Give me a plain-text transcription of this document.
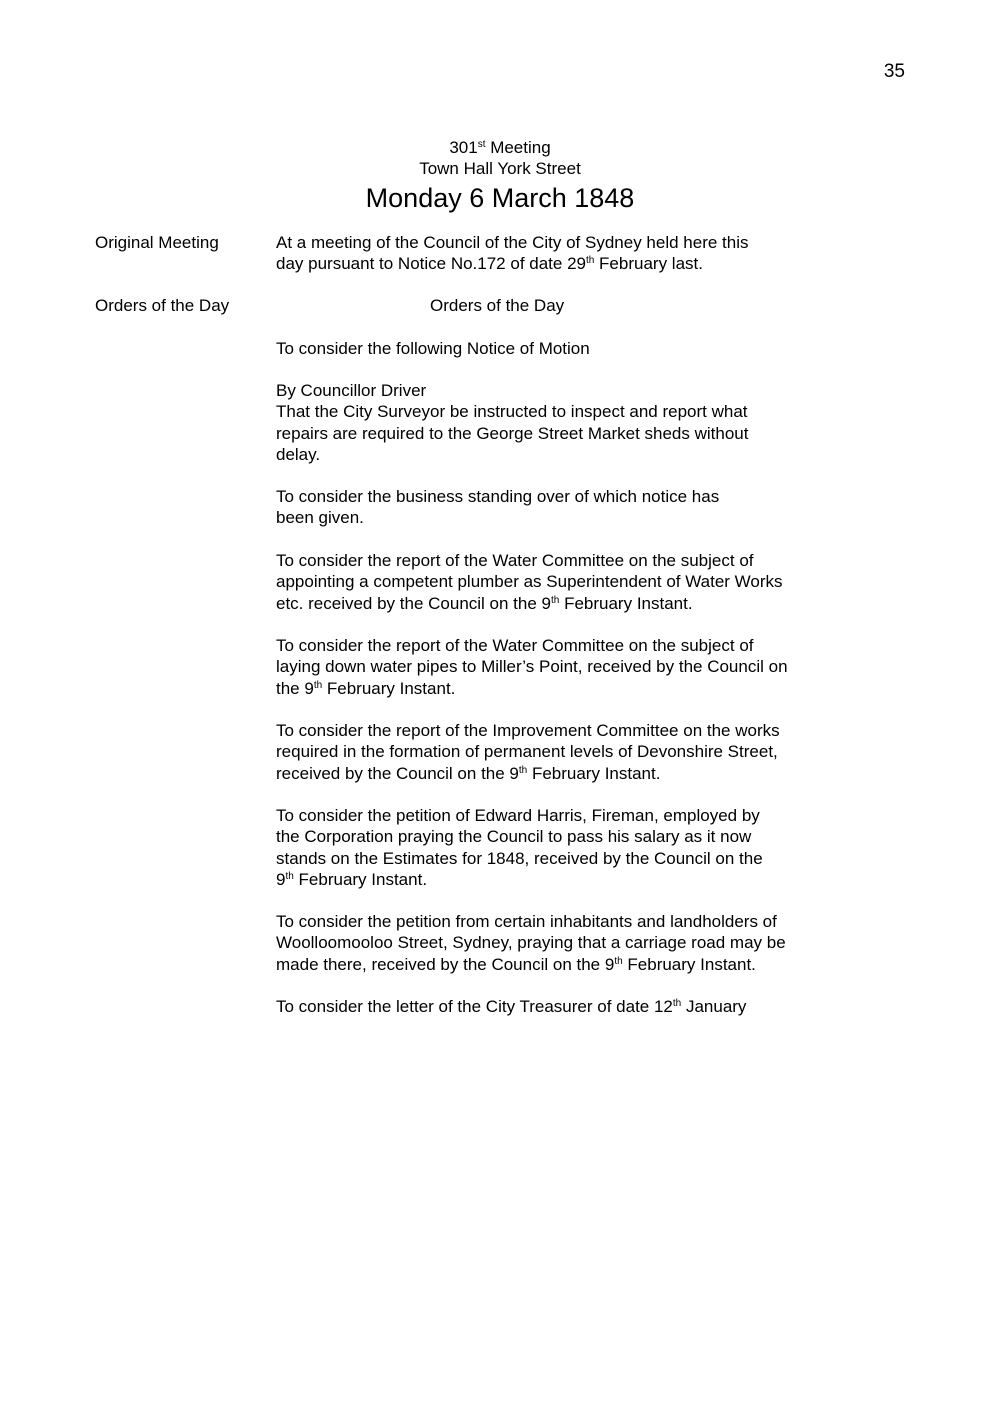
35
301st Meeting
Town Hall York Street
Monday 6 March 1848
Original Meeting	At a meeting of the Council of the City of Sydney held here this
day pursuant to Notice No.172 of date 29th February last.
Orders of the Day	Orders of the Day
To consider the following Notice of Motion
By Councillor Driver
That the City Surveyor be instructed to inspect and report what
repairs are required to the George Street Market sheds without
delay.
To consider the business standing over of which notice has
been given.
To consider the report of the Water Committee on the subject of
appointing a competent plumber as Superintendent of Water Works
etc. received by the Council on the 9th February Instant.
To consider the report of the Water Committee on the subject of
laying down water pipes to Miller’s Point, received by the Council on
the 9th February Instant.
To consider the report of the Improvement Committee on the works
required in the formation of permanent levels of Devonshire Street,
received by the Council on the 9th February Instant.
To consider the petition of Edward Harris, Fireman, employed by
the Corporation praying the Council to pass his salary as it now
stands on the Estimates for 1848, received by the Council on the
9th February Instant.
To consider the petition from certain inhabitants and landholders of
Woolloomooloo Street, Sydney, praying that a carriage road may be
made there, received by the Council on the 9th February Instant.
To consider the letter of the City Treasurer of date 12th January
